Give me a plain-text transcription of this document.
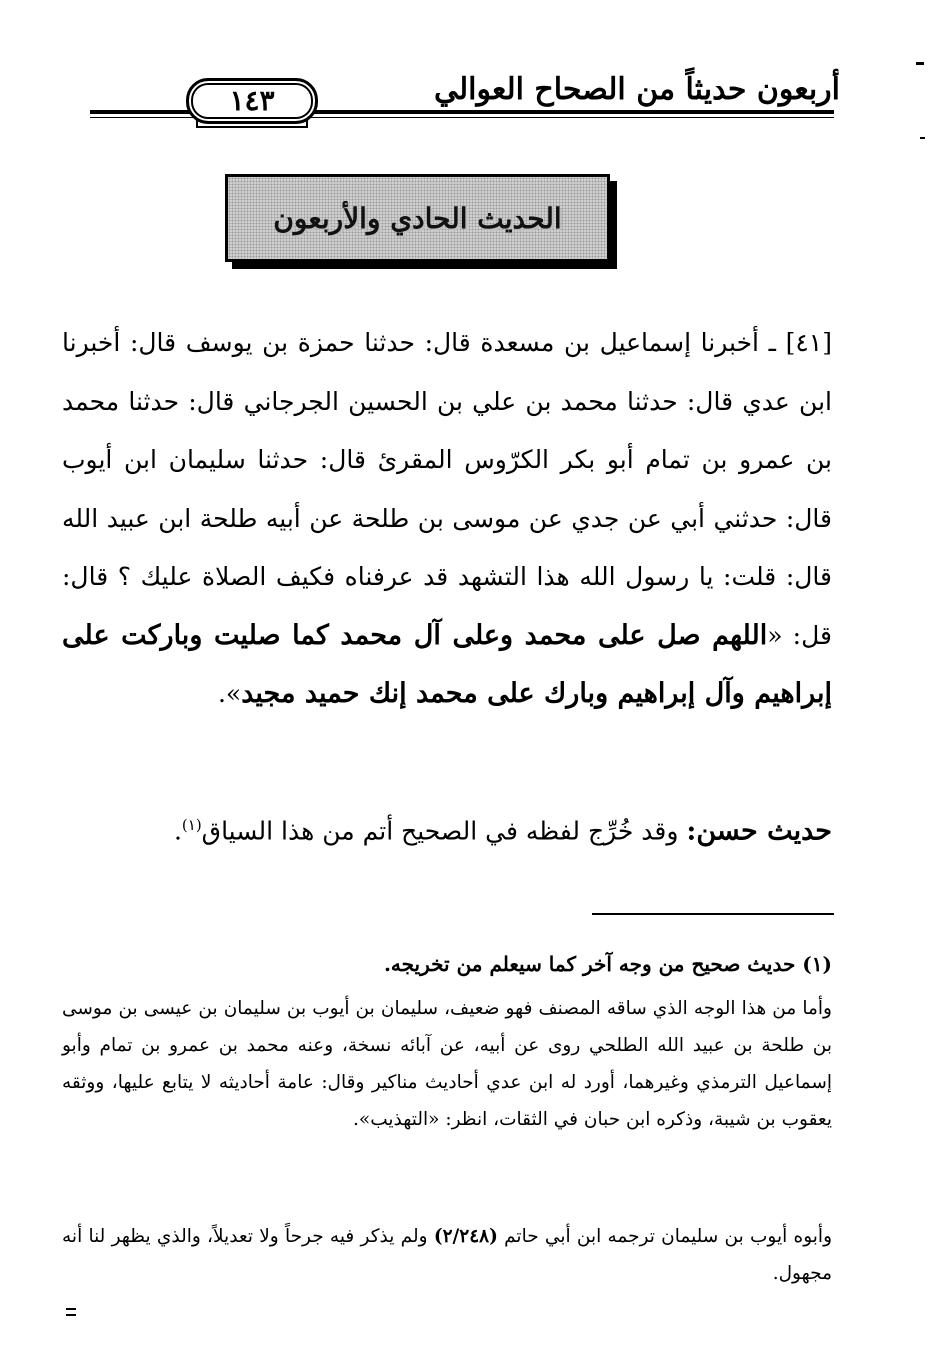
أربعون حديثاً من الصحاح العوالي
١٤٣
الحديث الحادي والأربعون
[٤١] ـ أخبرنا إسماعيل بن مسعدة قال: حدثنا حمزة بن يوسف قال: أخبرنا ابن عدي قال: حدثنا محمد بن علي بن الحسين الجرجاني قال: حدثنا محمد بن عمرو بن تمام أبو بكر الكرّوس المقرئ قال: حدثنا سليمان ابن أيوب قال: حدثني أبي عن جدي عن موسى بن طلحة عن أبيه طلحة ابن عبيد الله قال: قلت: يا رسول الله هذا التشهد قد عرفناه فكيف الصلاة عليك ؟ قال: قل: «اللهم صل على محمد وعلى آل محمد كما صليت وباركت على إبراهيم وآل إبراهيم وبارك على محمد إنك حميد مجيد».
حديث حسن: وقد خُرِّج لفظه في الصحيح أتم من هذا السياق$^{(١)}$.
(١) حديث صحيح من وجه آخر كما سيعلم من تخريجه.
وأما من هذا الوجه الذي ساقه المصنف فهو ضعيف، سليمان بن أيوب بن سليمان بن عيسى بن موسى بن طلحة بن عبيد الله الطلحي روى عن أبيه، عن آبائه نسخة، وعنه محمد بن عمرو بن تمام وأبو إسماعيل الترمذي وغيرهما، أورد له ابن عدي أحاديث مناكير وقال: عامة أحاديثه لا يتابع عليها، ووثقه يعقوب بن شيبة، وذكره ابن حبان في الثقات، انظر: «التهذيب».
وأبوه أيوب بن سليمان ترجمه ابن أبي حاتم (٢/٢٤٨) ولم يذكر فيه جرحاً ولا تعديلاً، والذي يظهر لنا أنه مجهول.
